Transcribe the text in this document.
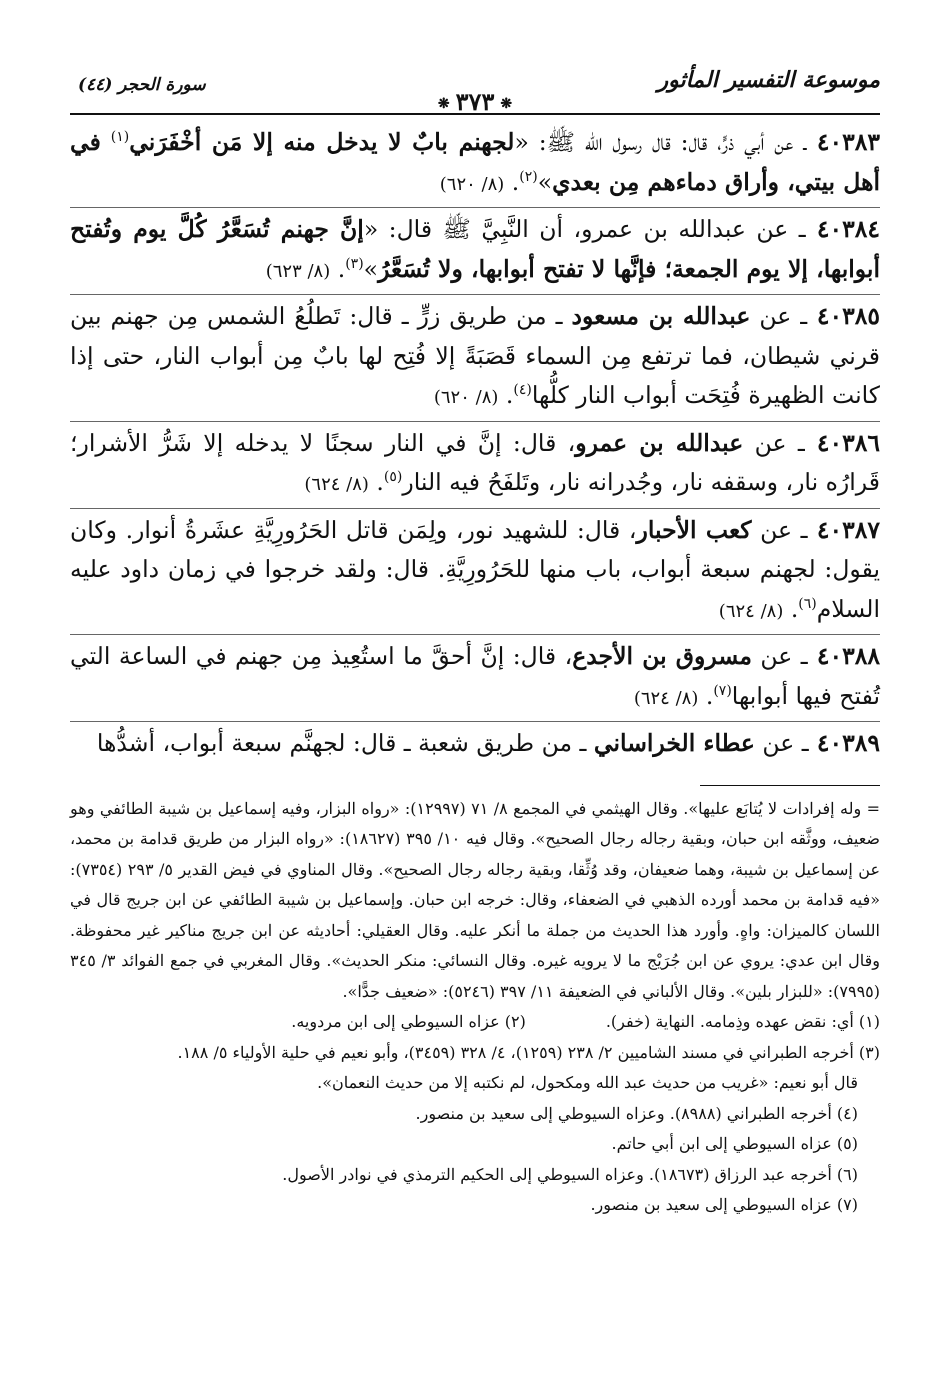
موسوعة التفسير المأثور
❋٣٧٣❋
سورة الحجر (٤٤)
٤٠٣٨٣ ـ عن أبي ذرٍّ، قال: قال رسول الله ﷺ: «لجهنم بابٌ لا يدخل منه إلا مَن أخْفَرَني$^{(١)}$ في أهل بيتي، وأراق دماءهم مِن بعدي»$^{(٢)}$. (٨/ ٦٢٠)
٤٠٣٨٤ ـ عن عبدالله بن عمرو، أن النَّبِيَّ ﷺ قال: «إنَّ جهنم تُسَعَّرُ كُلَّ يوم وتُفتح أبوابها، إلا يوم الجمعة؛ فإنَّها لا تفتح أبوابها، ولا تُسَعَّرُ»$^{(٣)}$. (٨/ ٦٢٣)
٤٠٣٨٥ ـ عن عبدالله بن مسعود ـ من طريق زرٍّ ـ قال: تَطلُعُ الشمس مِن جهنم بين قرني شيطان، فما ترتفع مِن السماء قَصَبَةً إلا فُتِح لها بابٌ مِن أبواب النار، حتى إذا كانت الظهيرة فُتِحَت أبواب النار كلُّها$^{(٤)}$. (٨/ ٦٢٠)
٤٠٣٨٦ ـ عن عبدالله بن عمرو، قال: إنَّ في النار سجنًا لا يدخله إلا شَرُّ الأشرار؛ قَرارُه نار، وسقفه نار، وجُدرانه نار، وتَلفَحُ فيه النار$^{(٥)}$. (٨/ ٦٢٤)
٤٠٣٨٧ ـ عن كعب الأحبار، قال: للشهيد نور، ولِمَن قاتل الحَرُورِيَّةِ عشَرةُ أنوار. وكان يقول: لجهنم سبعة أبواب، باب منها للحَرُورِيَّةِ. قال: ولقد خرجوا في زمان داود عليه السلام$^{(٦)}$. (٨/ ٦٢٤)
٤٠٣٨٨ ـ عن مسروق بن الأجدع، قال: إنَّ أحقَّ ما استُعِيذ مِن جهنم في الساعة التي تُفتح فيها أبوابها$^{(٧)}$. (٨/ ٦٢٤)
٤٠٣٨٩ ـ عن عطاء الخراساني ـ من طريق شعبة ـ قال: لجهنَّم سبعة أبواب، أشدُّها

= وله إفرادات لا يُتابَع عليها». وقال الهيثمي في المجمع ٨/ ٧١ (١٢٩٩٧): «رواه البزار، وفيه إسماعيل بن شيبة الطائفي وهو ضعيف، ووثَّقه ابن حبان، وبقية رجاله رجال الصحيح». وقال فيه ١٠/ ٣٩٥ (١٨٦٢٧): «رواه البزار من طريق قدامة بن محمد، عن إسماعيل بن شيبة، وهما ضعيفان، وقد وُثِّقا، وبقية رجاله رجال الصحيح». وقال المناوي في فيض القدير ٥/ ٢٩٣ (٧٣٥٤): «فيه قدامة بن محمد أورده الذهبي في الضعفاء، وقال: خرجه ابن حبان. وإسماعيل بن شيبة الطائفي عن ابن جريج قال في اللسان كالميزان: واهٍ. وأورد هذا الحديث من جملة ما أنكر عليه. وقال العقيلي: أحاديثه عن ابن جريج مناكير غير محفوظة. وقال ابن عدي: يروي عن ابن جُرَيْج ما لا يرويه غيره. وقال النسائي: منكر الحديث». وقال المغربي في جمع الفوائد ٣/ ٣٤٥ (٧٩٩٥): «للبزار بلين». وقال الألباني في الضعيفة ١١/ ٣٩٧ (٥٢٤٦): «ضعيف جدًّا».

(١) أي: نقض عهده وذِمامه. النهاية (خفر).
(٢) عزاه السيوطي إلى ابن مردويه.

(٣) أخرجه الطبراني في مسند الشاميين ٢/ ٢٣٨ (١٢٥٩)، ٤/ ٣٢٨ (٣٤٥٩)، وأبو نعيم في حلية الأولياء ٥/ ١٨٨.

قال أبو نعيم: «غريب من حديث عبد الله ومكحول، لم نكتبه إلا من حديث النعمان».

(٤) أخرجه الطبراني (٨٩٨٨). وعزاه السيوطي إلى سعيد بن منصور.

(٥) عزاه السيوطي إلى ابن أبي حاتم.

(٦) أخرجه عبد الرزاق (١٨٦٧٣). وعزاه السيوطي إلى الحكيم الترمذي في نوادر الأصول.

(٧) عزاه السيوطي إلى سعيد بن منصور.
